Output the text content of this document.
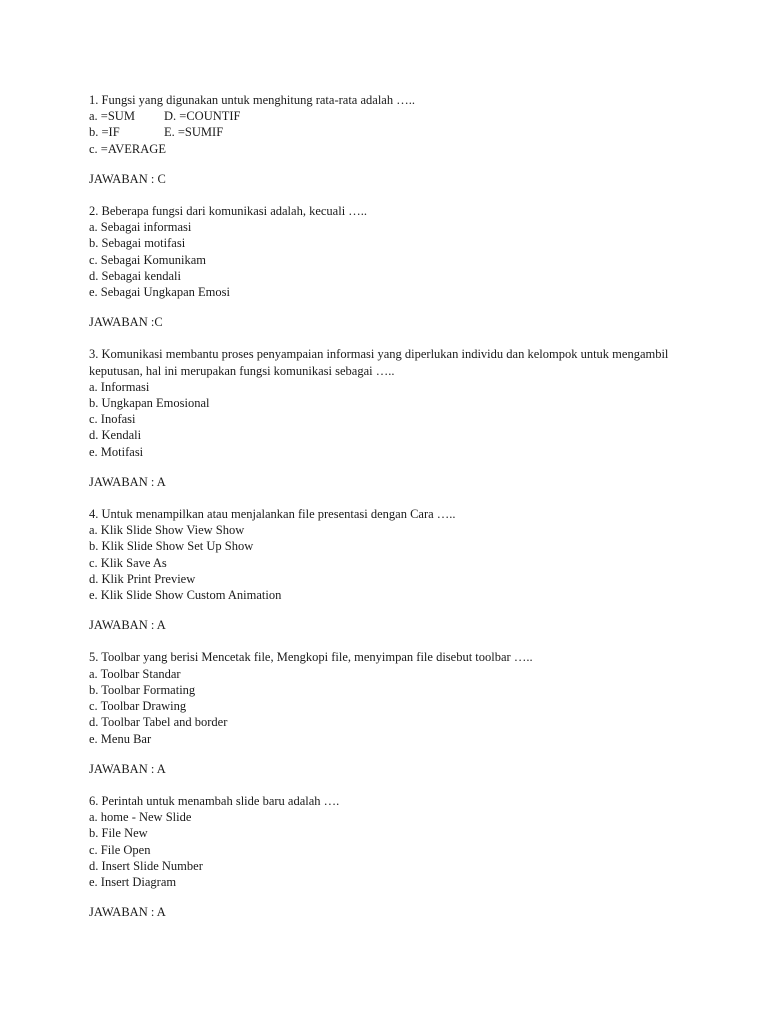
1. Fungsi yang digunakan untuk menghitung rata-rata adalah …..
a. =SUM D. =COUNTIF
b. =IF	E. =SUMIF
c. =AVERAGE
JAWABAN : C
2. Beberapa fungsi dari komunikasi adalah, kecuali …..
a. Sebagai informasi
b. Sebagai motifasi
c. Sebagai Komunikam
d. Sebagai kendali
e. Sebagai Ungkapan Emosi
JAWABAN :C
3. Komunikasi membantu proses penyampaian informasi yang diperlukan individu dan kelompok untuk mengambil keputusan, hal ini merupakan fungsi komunikasi sebagai …..
a. Informasi
b. Ungkapan Emosional
c. Inofasi
d. Kendali
e. Motifasi
JAWABAN : A
4. Untuk menampilkan atau menjalankan file presentasi dengan Cara …..
a. Klik Slide Show View Show
b. Klik Slide Show Set Up Show
c. Klik Save As
d. Klik Print Preview
e. Klik Slide Show Custom Animation
JAWABAN : A
5. Toolbar yang berisi Mencetak file, Mengkopi file, menyimpan file disebut toolbar …..
a. Toolbar Standar
b. Toolbar Formating
c. Toolbar Drawing
d. Toolbar Tabel and border
e. Menu Bar
JAWABAN : A
6. Perintah untuk menambah slide baru adalah ….
a. home - New Slide
b. File New
c. File Open
d. Insert Slide Number
e. Insert Diagram
JAWABAN : A
